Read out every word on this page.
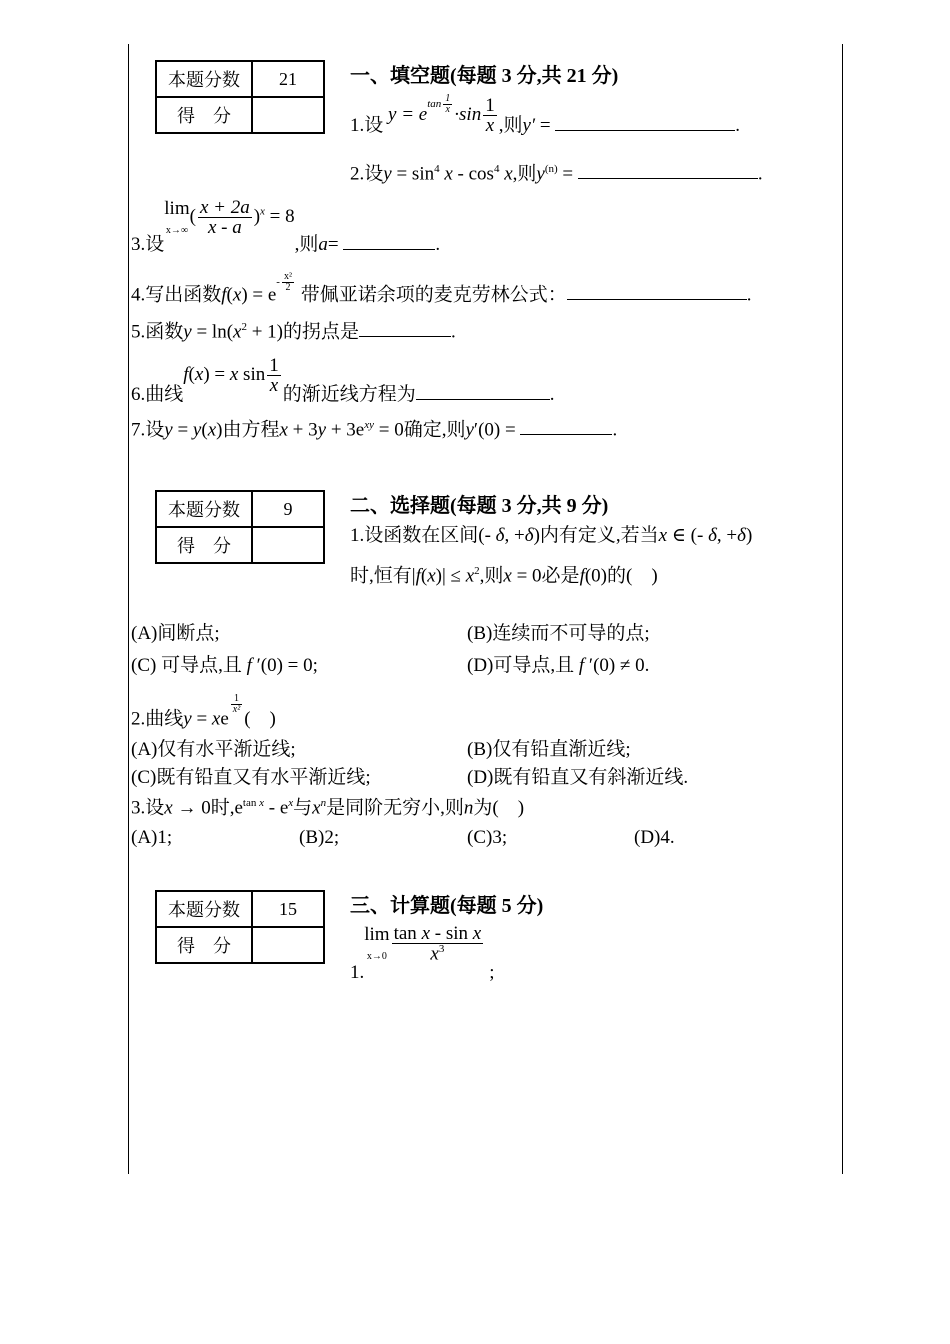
本题分数	21
得　分	
一、填空题(每题 3 分,共 21 分)
1.设 $y = e^{tan \frac{1}{x}} \cdot\sin \frac{1}{x}$ ,则y′ =	.
2.设$y = \sin^4 x - \cos^4 x$,则$y^{(n)}$ =	.
3.设lim
$x\to\infty( \frac{x + 2a}{x - a} )^x = 8$,则a=	.
4.写出函数$f(x) = e^{- \frac{\text{x²}}{2}}$
带佩亚诺余项的麦克劳林公式：	.
5.函数$y = \ln(x^2 + 1)$的拐点是	.
6.曲线f(x) = x $\sin \frac{1}{x}$ 的渐近线方程为	.
7.设y = y(x)由方程$x + 3y + 3e^{xy} = 0$确定,则y′(0) =	.
本题分数	9
得　分	
二、选择题(每题 3 分,共 9 分)
1.设函数在区间(- δ, +δ)内有定义,若当x ∈ (- δ, +δ)
时,恒有$|f(x)| \le x^2$,则x = 0必是f(0)的(　)
(A)间断点;	(B)连续而不可导的点;
(C) 可导点,且 f ′(0) = 0;	(D)可导点,且 f ′(0) ≠ 0.
2.曲线y = xe
$^{\frac{1}{\text{x²}}}$
(　)
(A)仅有水平渐近线;	(B)仅有铅直渐近线;
(C)既有铅直又有水平渐近线;	(D)既有铅直又有斜渐近线.
3.设x → 0时$,e^{tan x} - e^x$与$x^n$是同阶无穷小,则n为(　)
(A)1;	(B)2;	(C)3;	(D)4.
本题分数	15
得　分	
三、计算题(每题 5 分)
1.lim
$x\to 0 \frac{\text{tan x - sin x}}{x^3}$
;
